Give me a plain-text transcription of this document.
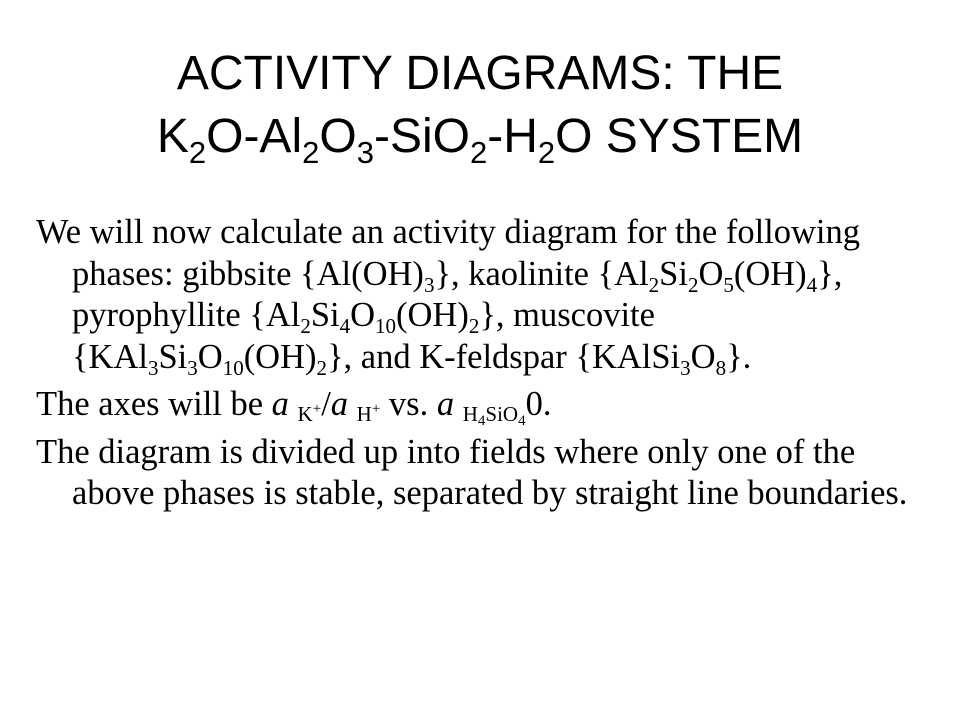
ACTIVITY DIAGRAMS: THE
$K_2O-Al_2O_3-SiO_2-H_2O$ SYSTEM

We will now calculate an activity diagram for the following phases: gibbsite $\{Al(OH)_3\}$, kaolinite $\{Al_2Si_2O_5(OH)_4\}$, pyrophyllite $\{Al_2Si_4O_{10}(OH)_2\}$, muscovite $\{KAl_3Si_3O_{10}(OH)_2\}$, and K-feldspar $\{KAlSi_3O_8\}$.

The axes will be a K+/a H+ vs. a $H_4SiO_40$.

The diagram is divided up into fields where only one of the above phases is stable, separated by straight line boundaries.
